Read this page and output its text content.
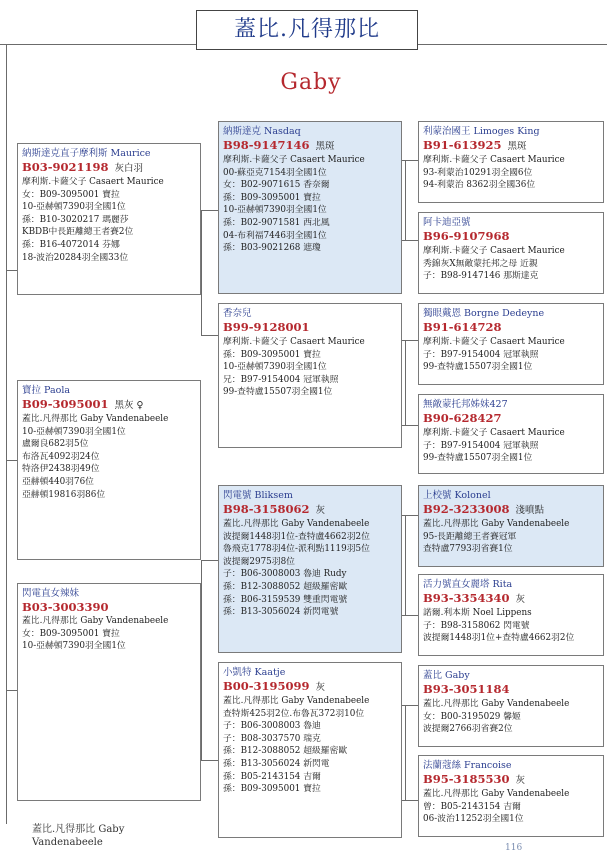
蓋比.凡得那比
Gaby
納斯達克直子摩利斯 Maurice
B03-9021198 灰白羽
摩利斯.卡薩父子 Casaert Maurice
女：B09-3095001 寶拉
10-亞赫頓7390羽全國1位
孫：B10-3020217 瑪麗莎
KBDB中長距離總王者賽2位
孫：B16-4072014 芬娜
18-波治20284羽全國33位
寶拉 Paola
B09-3095001 黑灰 ♀
蓋比.凡得那比 Gaby Vandenabeele
10-亞赫頓7390羽全國1位
盧爾良682羽5位
布洛瓦4092羽24位
特洛伊2438羽49位
亞赫頓440羽76位
亞赫頓19816羽86位
閃電直女辣妹
B03-3003390
蓋比.凡得那比 Gaby Vandenabeele
女：B09-3095001 寶拉
10-亞赫頓7390羽全國1位
納斯達克 Nasdaq
B98-9147146 黑斑
摩利斯.卡薩父子 Casaert Maurice
00-蘇亞克7154羽全國1位
女：B02-9071615 香奈爾
孫：B09-3095001 寶拉
10-亞赫頓7390羽全國1位
孫：B02-9071581 西北風
04-布利福7446羽全國1位
孫：B03-9021268 遮瓊
香奈兒
B99-9128001
摩利斯.卡薩父子 Casaert Maurice
孫：B09-3095001 寶拉
10-亞赫頓7390羽全國1位
兄：B97-9154004 冠軍執照
99-查特盧15507羽全國1位
閃電號 Bliksem
B98-3158062 灰
蓋比.凡得那比 Gaby Vandenabeele
波提爾1448羽1位-查特盧4662羽2位
魯飛克1778羽4位-派利點1119羽5位
波提爾2975羽8位
子：B06-3008003 魯迪 Rudy
孫：B12-3088052 超級羅密歐
孫：B06-3159539 雙重閃電號
孫：B13-3056024 新閃電號
小凱特 Kaatje
B00-3195099 灰
蓋比.凡得那比 Gaby Vandenabeele
查特斯425羽2位.布魯瓦372羽10位
子：B06-3008003 魯迪
子：B08-3037570 瑞克
孫：B12-3088052 超級羅密歐
孫：B13-3056024 新閃電
孫：B05-2143154 吉爾
孫：B09-3095001 寶拉
利蒙治國王 Limoges King
B91-613925 黑斑
摩利斯.卡薩父子 Casaert Maurice
93-利蒙治10291羽全國6位
94-利蒙治 8362羽全國36位
阿卡迪亞號
B96-9107968
摩利斯.卡薩父子 Casaert Maurice
秀錦灰X無敵蒙托邦之母 近親
子：B98-9147146 那斯達克
獨眼戴恩 Borgne Dedeyne
B91-614728
摩利斯.卡薩父子 Casaert Maurice
子：B97-9154004 冠軍執照
99-查特盧15507羽全國1位
無敵蒙托邦姊妹427
B90-628427
摩利斯.卡薩父子 Casaert Maurice
子：B97-9154004 冠軍執照
99-查特盧15507羽全國1位
上校號 Kolonel
B92-3233008 淺噴點
蓋比.凡得那比 Gaby Vandenabeele
95-長距離總王者賽冠軍
查特盧7793羽省賽1位
活力號直女麗塔 Rita
B93-3354340 灰
諾爾.利本斯 Noel Lippens
子：B98-3158062 閃電號
波提爾1448羽1位+查特盧4662羽2位
蓋比 Gaby
B93-3051184
蓋比.凡得那比 Gaby Vandenabeele
女：B00-3195029 馨姬
波提爾2766羽省賽2位
法蘭蔻絲 Francoise
B95-3185530 灰
蓋比.凡得那比 Gaby Vandenabeele
曾：B05-2143154 吉爾
06-波治11252羽全國1位
蓋比.凡得那比 Gaby
Vandenabeele	116
